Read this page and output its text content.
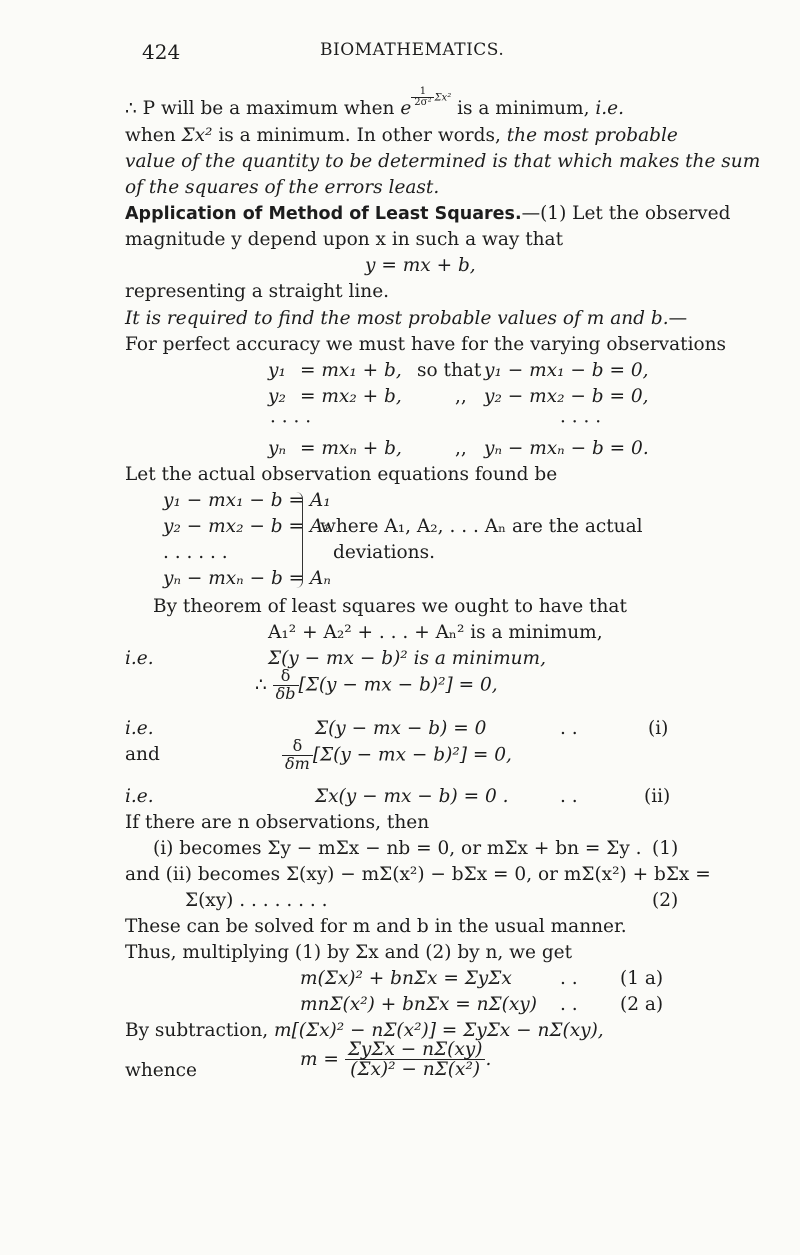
424	BIOMATHEMATICS.
∴ P will be a maximum when e $\frac{1}{\text{2σ²}} \Sigma x^2$ is a minimum, i.e.
when Σx² is a minimum. In other words, the most probable
value of the quantity to be determined is that which makes the sum
of the squares of the errors least.
Application of Method of Least Squares.—(1) Let the observed
magnitude y depend upon x in such a way that
y = mx + b,
representing a straight line.
It is required to find the most probable values of m and b.—
For perfect accuracy we must have for the varying observations
y₁ = mx₁ + b, so that y₁ − mx₁ − b = 0,
y₂ = mx₂ + b,	,, y₂ − mx₂ − b = 0,
· · · ·	· · · ·
yₙ = mxₙ + b,	,, yₙ − mxₙ − b = 0.
Let the actual observation equations found be
y₁ − mx₁ − b = A₁
y₂ − mx₂ − b = A₂
. . . . . .
yₙ − mxₙ − b = Aₙ
where A₁, A₂, . . . Aₙ are the actual
deviations.
By theorem of least squares we ought to have that
A₁² + A₂² + . . . + Aₙ² is a minimum,
i.e.	Σ(y − mx − b)² is a minimum,
∴ $\frac{\delta}{\delta b} [\Sigma(y$ − mx − b)²] = 0,
i.e.	Σ(y − mx − b) = 0	. .	(i)
and	$\frac{\delta}{\delta m} [\Sigma(y$ − mx − b)²] = 0,
i.e.	Σx(y − mx − b) = 0 .	. .	(ii)
If there are n observations, then
(i) becomes Σy − mΣx − nb = 0, or mΣx + bn = Σy . (1)
and (ii) becomes Σ(xy) − mΣ(x²) − bΣx = 0, or mΣ(x²) + bΣx =
Σ(xy) . . . . . . . .	(2)
These can be solved for m and b in the usual manner.
Thus, multiplying (1) by Σx and (2) by n, we get
m(Σx)² + bnΣx = ΣyΣx	. . (1 a)
mnΣ(x²) + bnΣx = nΣ(xy) . . (2 a)
By subtraction, m[(Σx)² − nΣ(x²)] = ΣyΣx − nΣ(xy),
whence
$m = \frac{\text{ΣyΣx − nΣ(xy)}}{\text{(Σx)² − nΣ(x²)}}$ .
